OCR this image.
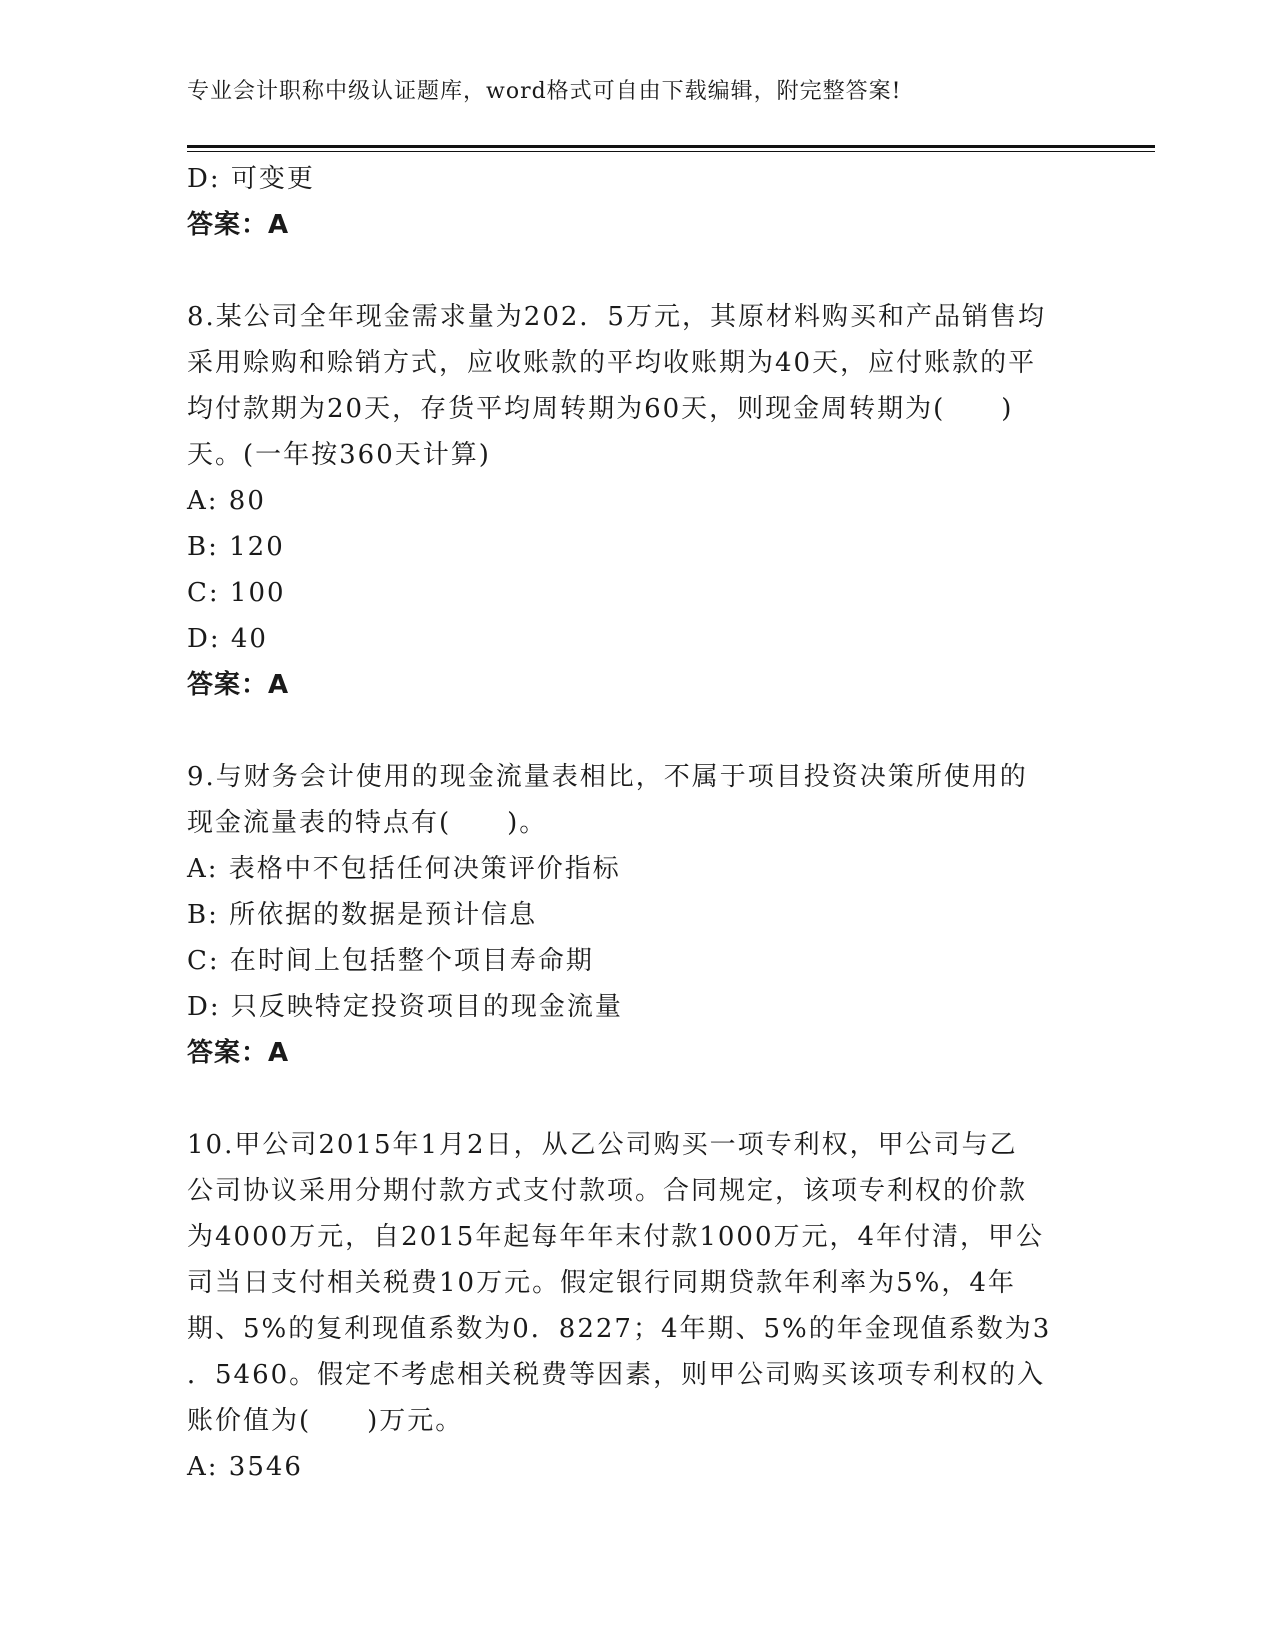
专业会计职称中级认证题库，word格式可自由下载编辑，附完整答案!
D: 可变更
答案：A
8.某公司全年现金需求量为202．5万元，其原材料购买和产品销售均
采用赊购和赊销方式，应收账款的平均收账期为40天，应付账款的平
均付款期为20天，存货平均周转期为60天，则现金周转期为(　　)
天。(一年按360天计算)
A: 80
B: 120
C: 100
D: 40
答案：A
9.与财务会计使用的现金流量表相比，不属于项目投资决策所使用的
现金流量表的特点有(　　)。
A: 表格中不包括任何决策评价指标
B: 所依据的数据是预计信息
C: 在时间上包括整个项目寿命期
D: 只反映特定投资项目的现金流量
答案：A
10.甲公司2015年1月2日，从乙公司购买一项专利权，甲公司与乙
公司协议采用分期付款方式支付款项。合同规定，该项专利权的价款
为4000万元，自2015年起每年年末付款1000万元，4年付清，甲公
司当日支付相关税费10万元。假定银行同期贷款年利率为5%，4年
期、5%的复利现值系数为0．8227；4年期、5%的年金现值系数为3
．5460。假定不考虑相关税费等因素，则甲公司购买该项专利权的入
账价值为(　　)万元。
A: 3546
